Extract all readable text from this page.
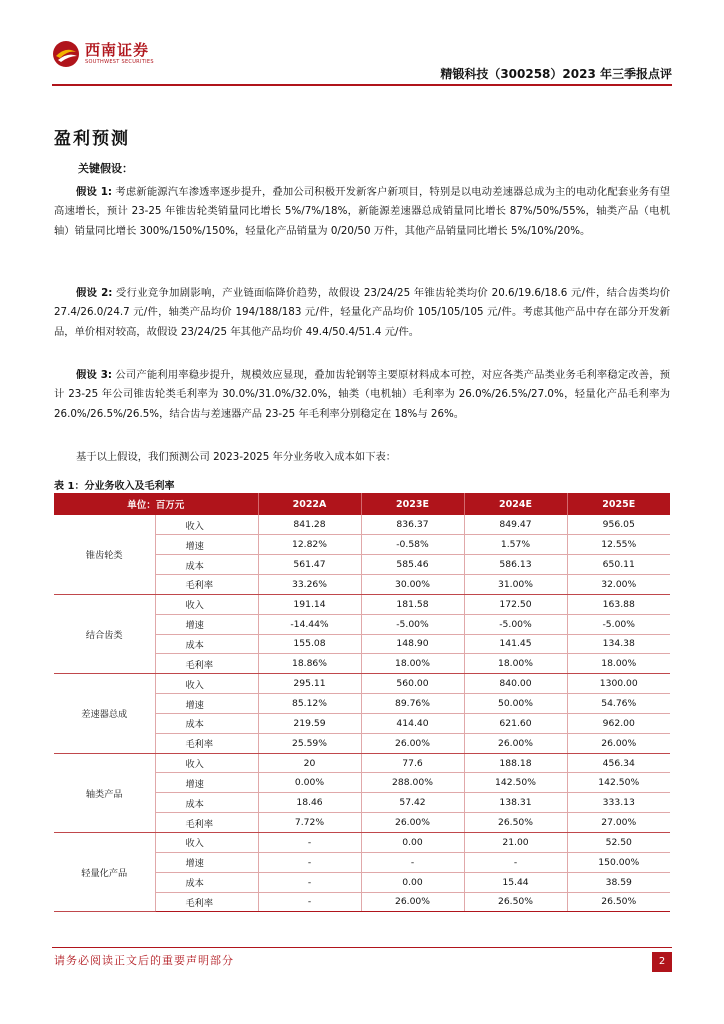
西南证券
SOUTHWEST SECURITIES
精锻科技（300258）2023 年三季报点评
盈利预测
关键假设：

假设 1: 考虑新能源汽车渗透率逐步提升，叠加公司积极开发新客户新项目，特别是以电动差速器总成为主的电动化配套业务有望高速增长，预计 23-25 年锥齿轮类销量同比增长 5%/7%/18%，新能源差速器总成销量同比增长 87%/50%/55%，轴类产品（电机轴）销量同比增长 300%/150%/150%，轻量化产品销量为 0/20/50 万件，其他产品销量同比增长 5%/10%/20%。

假设 2: 受行业竞争加剧影响，产业链面临降价趋势，故假设 23/24/25 年锥齿轮类均价 20.6/19.6/18.6 元/件，结合齿类均价 27.4/26.0/24.7 元/件，轴类产品均价 194/188/183 元/件，轻量化产品均价 105/105/105 元/件。考虑其他产品中存在部分开发新品，单价相对较高，故假设 23/24/25 年其他产品均价 49.4/50.4/51.4 元/件。

假设 3: 公司产能利用率稳步提升，规模效应显现，叠加齿轮钢等主要原材料成本可控，对应各类产品类业务毛利率稳定改善，预计 23-25 年公司锥齿轮类毛利率为 30.0%/31.0%/32.0%，轴类（电机轴）毛利率为 26.0%/26.5%/27.0%，轻量化产品毛利率为 26.0%/26.5%/26.5%，结合齿与差速器产品 23-25 年毛利率分别稳定在 18%与 26%。

基于以上假设，我们预测公司 2023-2025 年分业务收入成本如下表：

表 1：分业务收入及毛利率
单位：百万元		2022A	2023E	2024E	2025E
锥齿轮类	收入	841.28	836.37	849.47	956.05
	增速	12.82%	-0.58%	1.57%	12.55%
	成本	561.47	585.46	586.13	650.11
	毛利率	33.26%	30.00%	31.00%	32.00%
结合齿类	收入	191.14	181.58	172.50	163.88
	增速	-14.44%	-5.00%	-5.00%	-5.00%
	成本	155.08	148.90	141.45	134.38
	毛利率	18.86%	18.00%	18.00%	18.00%
差速器总成	收入	295.11	560.00	840.00	1300.00
	增速	85.12%	89.76%	50.00%	54.76%
	成本	219.59	414.40	621.60	962.00
	毛利率	25.59%	26.00%	26.00%	26.00%
轴类产品	收入	20	77.6	188.18	456.34
	增速	0.00%	288.00%	142.50%	142.50%
	成本	18.46	57.42	138.31	333.13
	毛利率	7.72%	26.00%	26.50%	27.00%
轻量化产品	收入	-	0.00	21.00	52.50
	增速	-	-	-	150.00%
	成本	-	0.00	15.44	38.59
	毛利率	-	26.00%	26.50%	26.50%
请务必阅读正文后的重要声明部分	2
